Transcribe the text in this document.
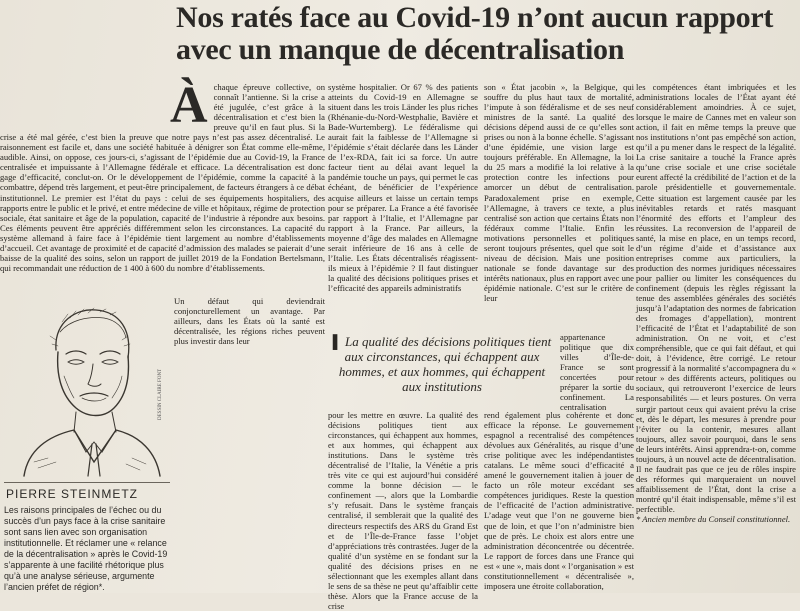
Nos ratés face au Covid-19 n’ont aucun rapport avec un manque de décentralisation
À chaque épreuve collective, on connaît l’antienne. Si la crise a été jugulée, c’est grâce à la décentralisation et c’est bien la preuve qu’il en faut plus. Si la crise a été mal gérée, c’est bien la preuve que notre pays n’est pas assez décentralisé. Le raisonnement est facile et, dans une société habituée à dénigrer son État comme elle-même, audible. Ainsi, on oppose, ces jours-ci, s’agissant de l’épidémie due au Covid-19, la France centralisée et impuissante à l’Allemagne fédérale et efficace. La décentralisation est donc gage d’efficacité, conclut-on. Or le développement de l’épidémie, comme la capacité à la combattre, dépend très largement, et peut-être principalement, de facteurs étrangers à ce débat institutionnel. Le premier est l’état du pays : celui de ses équipements hospitaliers, des rapports entre le public et le privé, et entre médecine de ville et hôpitaux, régime de protection sociale, état sanitaire et âge de la population, capacité de l’industrie à répondre aux besoins. Ces éléments peuvent être appréciés différemment selon les circonstances. La capacité du système allemand à faire face à l’épidémie tient largement au nombre d’établissements d’accueil. Cet avantage de proximité et de capacité d’admission des malades se paierait d’une baisse de la qualité des soins, selon un rapport de juillet 2019 de la Fondation Bertelsmann, qui recommandait une réduction de 1 400 à 600 du nombre d’établissements.

DESSIN CLAIRE FONT
▌ La qualité des décisions politiques tient aux circonstances, qui échappent aux hommes, et aux hommes, qui échappent aux institutions

Un défaut qui deviendrait conjoncturellement un avantage. Par ailleurs, dans les États où la santé est décentralisée, les régions riches peuvent plus investir dans leur

système hospitalier. Or 67 % des patients atteints du Covid-19 en Allemagne se situent dans les trois Länder les plus riches (Rhénanie-du-Nord-Westphalie, Bavière et Bade-Wurtemberg). Le fédéralisme qui aurait fait la faiblesse de l’Allemagne si l’épidémie s’était déclarée dans les Länder de l’ex-RDA, fait ici sa force. Un autre facteur tient au délai avant lequel la pandémie touche un pays, qui permet le cas échéant, de bénéficier de l’expérience acquise ailleurs et laisse un certain temps pour se préparer. La France a été favorisée par rapport à l’Italie, et l’Allemagne par rapport à la France. Par ailleurs, la moyenne d’âge des malades en Allemagne serait inférieure de 16 ans à celle de l’Italie. Les États décentralisés réagissent-ils mieux à l’épidémie ? Il faut distinguer la qualité des décisions politiques prises et l’efficacité des appareils administratifs

pour les mettre en œuvre. La qualité des décisions politiques tient aux circonstances, qui échappent aux hommes, et aux hommes, qui échappent aux institutions. Dans le système très décentralisé de l’Italie, la Vénétie a pris très vite ce qui est aujourd’hui considéré comme la bonne décision — le confinement —, alors que la Lombardie s’y refusait. Dans le système français centralisé, il semblerait que la qualité des directeurs respectifs des ARS du Grand Est et de l’Île-de-France fasse l’objet d’appréciations très contrastées. Juger de la qualité d’un système en se fondant sur la qualité des décisions prises en ne sélectionnant que les exemples allant dans le sens de sa thèse ne peut qu’affaiblir cette thèse. Alors que la France accuse de la crise

son « État jacobin », la Belgique, qui souffre du plus haut taux de mortalité, l’impute à son fédéralisme et de ses neuf ministres de la santé. La qualité des décisions dépend aussi de ce qu’elles sont prises ou non à la bonne échelle. S’agissant d’une épidémie, une vision large est toujours préférable. En Allemagne, la loi du 25 mars a modifié la loi relative à la protection contre les infections pour amorcer un début de centralisation. Paradoxalement prise en exemple, l’Allemagne, à travers ce texte, a plus centralisé son action que certains États non fédéraux comme l’Italie. Enfin les motivations personnelles et politiques seront toujours présentes, quel que soit le niveau de décision. Mais une position nationale se fonde davantage sur des intérêts nationaux, plus en rapport avec une épidémie nationale. C’est sur le critère de leur

appartenance politique que dix villes d’Île-de-France se sont concertées pour préparer la sortie du confinement. La centralisation

rend également plus cohérente et donc efficace la réponse. Le gouvernement espagnol a recentralisé des compétences dévolues aux Généralités, au risque d’une crise politique avec les indépendantistes catalans. Le même souci d’efficacité a amené le gouvernement italien à jouer de facto un rôle moteur excédant ses compétences juridiques. Reste la question de l’efficacité de l’action administrative. L’adage veut que l’on ne gouverne bien que de loin, et que l’on n’administre bien que de près. Le choix est alors entre une administration déconcentrée ou décentrée. Le rapport de forces dans une France qui est « une », mais dont « l’organisation » est constitutionnellement « décentralisée », imposera une étroite collaboration,

les compétences étant imbriquées et les administrations locales de l’État ayant été considérablement amoindries. À ce sujet, lorsque le maire de Cannes met en valeur son action, il fait en même temps la preuve que nos institutions n’ont pas empêché son action, qu’il a pu mener dans le respect de la légalité. La crise sanitaire a touché la France après qu’une crise sociale et une crise sociétale eurent affecté la crédibilité de l’action et de la parole présidentielle et gouvernementale. Cette situation est largement causée par les inévitables retards et ratés masquant l’énormité des efforts et l’ampleur des réussites. La reconversion de l’appareil de santé, la mise en place, en un temps record, d’un régime d’aide et d’assistance aux entreprises comme aux particuliers, la production des normes juridiques nécessaires pour pallier ou limiter les conséquences du confinement (depuis les règles régissant la tenue des assemblées générales des sociétés jusqu’à l’adaptation des normes de fabrication des fromages d’appellation), montrent l’efficacité de l’État et l’adaptabilité de son administration. On ne voit, et c’est compréhensible, que ce qui fait défaut, et qui doit, à l’évidence, être corrigé. Le retour progressif à la normalité s’accompagnera du « retour » des différents acteurs, politiques ou sociaux, qui retrouveront l’exercice de leurs responsabilités — et leurs postures. On verra surgir partout ceux qui avaient prévu la crise et, dès le départ, les mesures à prendre pour l’éviter ou la contenir, mesures allant toujours, allez savoir pourquoi, dans le sens de leurs intérêts. Ainsi apprendra-t-on, comme toujours, à un nouvel acte de décentralisation. Il ne faudrait pas que ce jeu de rôles inspire des réformes qui marqueraient un nouvel affaiblissement de l’État, dont la crise a montré qu’il était indispensable, même s’il est perfectible.

* Ancien membre du Conseil constitutionnel.

PIERRE STEINMETZ
Les raisons principales de l’échec ou du succès d’un pays face à la crise sanitaire sont sans lien avec son organisation institutionnelle. Et réclamer une « relance de la décentralisation » après le Covid-19 s’apparente à une facilité rhétorique plus qu’à une analyse sérieuse, argumente l’ancien préfet de région*.
